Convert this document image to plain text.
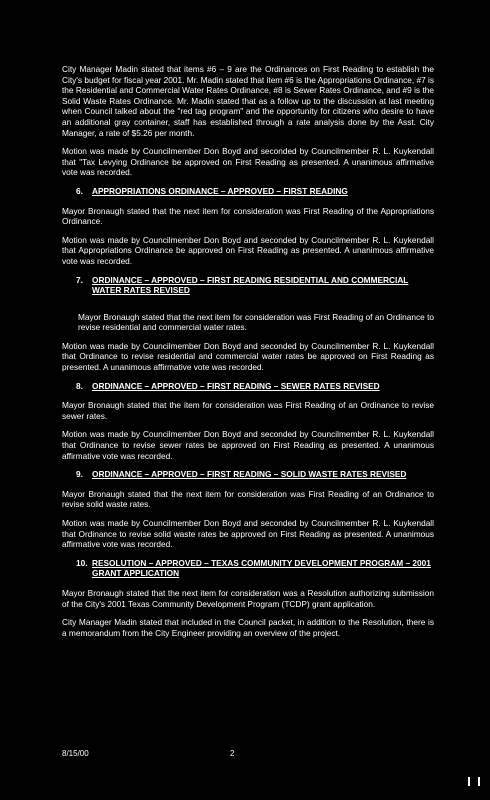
City Manager Madin stated that items #6 – 9 are the Ordinances on First Reading to establish the City's budget for fiscal year 2001. Mr. Madin stated that item #6 is the Appropriations Ordinance, #7 is the Residential and Commercial Water Rates Ordinance, #8 is Sewer Rates Ordinance, and #9 is the Solid Waste Rates Ordinance. Mr. Madin stated that as a follow up to the discussion at last meeting when Council talked about the "red tag program" and the opportunity for citizens who desire to have an additional gray container, staff has established through a rate analysis done by the Asst. City Manager, a rate of $5.26 per month.

Motion was made by Councilmember Don Boyd and seconded by Councilmember R. L. Kuykendall that "Tax Levying Ordinance be approved on First Reading as presented. A unanimous affirmative vote was recorded.

6.	APPROPRIATIONS ORDINANCE – APPROVED – FIRST READING

Mayor Bronaugh stated that the next item for consideration was First Reading of the Appropriations Ordinance.

Motion was made by Councilmember Don Boyd and seconded by Councilmember R. L. Kuykendall that Appropriations Ordinance be approved on First Reading as presented. A unanimous affirmative vote was recorded.

7.	ORDINANCE – APPROVED – FIRST READING RESIDENTIAL AND COMMERCIAL WATER RATES REVISED

Mayor Bronaugh stated that the next item for consideration was First Reading of an Ordinance to revise residential and commercial water rates.

Motion was made by Councilmember Don Boyd and seconded by Councilmember R. L. Kuykendall that Ordinance to revise residential and commercial water rates be approved on First Reading as presented. A unanimous affirmative vote was recorded.

8.	ORDINANCE – APPROVED – FIRST READING – SEWER RATES REVISED

Mayor Bronaugh stated that the item for consideration was First Reading of an Ordinance to revise sewer rates.

Motion was made by Councilmember Don Boyd and seconded by Councilmember R. L. Kuykendall that Ordinance to revise sewer rates be approved on First Reading as presented. A unanimous affirmative vote was recorded.

9.	ORDINANCE – APPROVED – FIRST READING – SOLID WASTE RATES REVISED

Mayor Bronaugh stated that the next item for consideration was First Reading of an Ordinance to revise solid waste rates.

Motion was made by Councilmember Don Boyd and seconded by Councilmember R. L. Kuykendall that Ordinance to revise solid waste rates be approved on First Reading as presented. A unanimous affirmative vote was recorded.

10. RESOLUTION – APPROVED – TEXAS COMMUNITY DEVELOPMENT PROGRAM – 2001 GRANT APPLICATION

Mayor Bronaugh stated that the next item for consideration was a Resolution authorizing submission of the City's 2001 Texas Community Development Program (TCDP) grant application.

City Manager Madin stated that included in the Council packet, in addition to the Resolution, there is a memorandum from the City Engineer providing an overview of the project.

8/15/00	2
